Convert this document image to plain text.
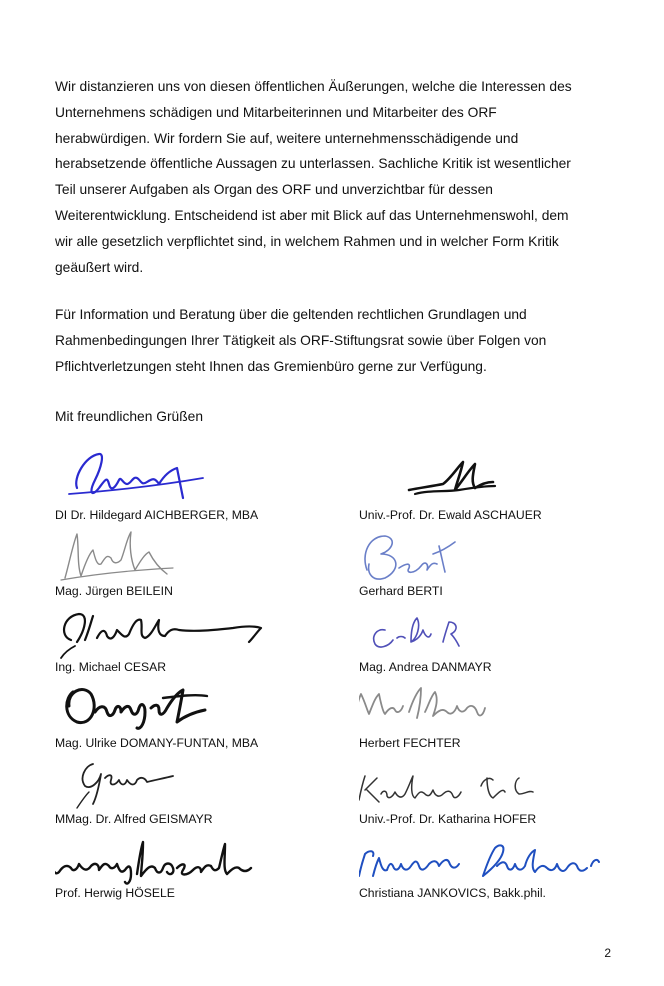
Wir distanzieren uns von diesen öffentlichen Äußerungen, welche die Interessen des
Unternehmens schädigen und Mitarbeiterinnen und Mitarbeiter des ORF
herabwürdigen. Wir fordern Sie auf, weitere unternehmensschädigende und
herabsetzende öffentliche Aussagen zu unterlassen. Sachliche Kritik ist wesentlicher
Teil unserer Aufgaben als Organ des ORF und unverzichtbar für dessen
Weiterentwicklung. Entscheidend ist aber mit Blick auf das Unternehmenswohl, dem
wir alle gesetzlich verpflichtet sind, in welchem Rahmen und in welcher Form Kritik
geäußert wird.

Für Information und Beratung über die geltenden rechtlichen Grundlagen und
Rahmenbedingungen Ihrer Tätigkeit als ORF-Stiftungsrat sowie über Folgen von
Pflichtverletzungen steht Ihnen das Gremienbüro gerne zur Verfügung.

Mit freundlichen Grüßen

DI Dr. Hildegard AICHBERGER, MBA	Univ.-Prof. Dr. Ewald ASCHAUER
Mag. Jürgen BEILEIN	Gerhard BERTI
Ing. Michael CESAR	Mag. Andrea DANMAYR
Mag. Ulrike DOMANY-FUNTAN, MBA	Herbert FECHTER
MMag. Dr. Alfred GEISMAYR	Univ.-Prof. Dr. Katharina HOFER
Prof. Herwig HÖSELE	Christiana JANKOVICS, Bakk.phil.
2
